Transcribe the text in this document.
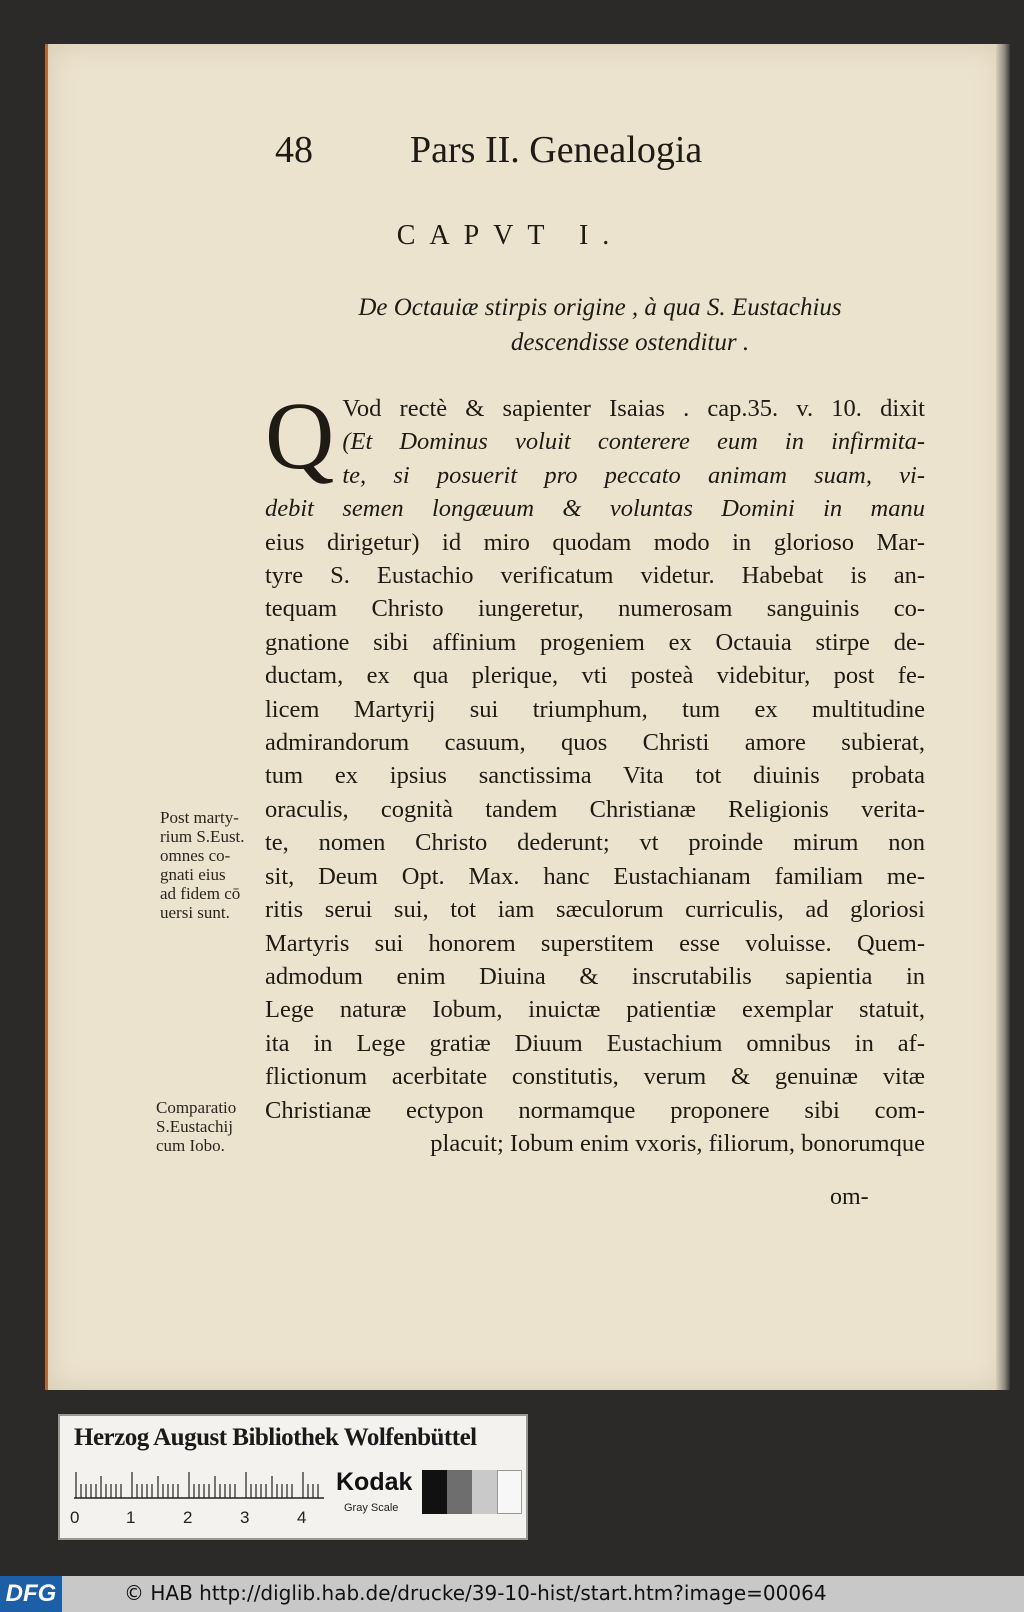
48	Pars II. Genealogia
CAPVT I.
De Octauiæ stirpis origine , à qua S. Eustachius
descendisse ostenditur .
Q Vod rectè & sapienter Isaias . cap.35. v. 10. dixit
(Et Dominus voluit conterere eum in infirmita-
te, si posuerit pro peccato animam suam, vi-
debit semen longæuum & voluntas Domini in manu
eius dirigetur) id miro quodam modo in glorioso Mar-
tyre S. Eustachio verificatum videtur. Habebat is an-
tequam Christo iungeretur, numerosam sanguinis co-
gnatione sibi affinium progeniem ex Octauia stirpe de-
ductam, ex qua plerique, vti posteà videbitur, post fe-
licem Martyrij sui triumphum, tum ex multitudine
admirandorum casuum, quos Christi amore subierat,
tum ex ipsius sanctissima Vita tot diuinis probata
oraculis, cognità tandem Christianæ Religionis verita-
te, nomen Christo dederunt; vt proinde mirum non
sit, Deum Opt. Max. hanc Eustachianam familiam me-
ritis serui sui, tot iam sæculorum curriculis, ad gloriosi
Martyris sui honorem superstitem esse voluisse. Quem-
admodum enim Diuina & inscrutabilis sapientia in
Lege naturæ Iobum, inuictæ patientiæ exemplar statuit,
ita in Lege gratiæ Diuum Eustachium omnibus in af-
flictionum acerbitate constitutis, verum & genuinæ vitæ
Christianæ ectypon normamque proponere sibi com-
placuit; Iobum enim vxoris, filiorum, bonorumque
Post marty-
rium S.Eust.
omnes co-
gnati eius
ad fidem cō
uersi sunt.
Comparatio
S.Eustachij
cum Iobo.
om-
Herzog August Bibliothek Wolfenbüttel
0	1	2	3	4
Kodak
Gray Scale
DFG	© HAB http://diglib.hab.de/drucke/39-10-hist/start.htm?image=00064
